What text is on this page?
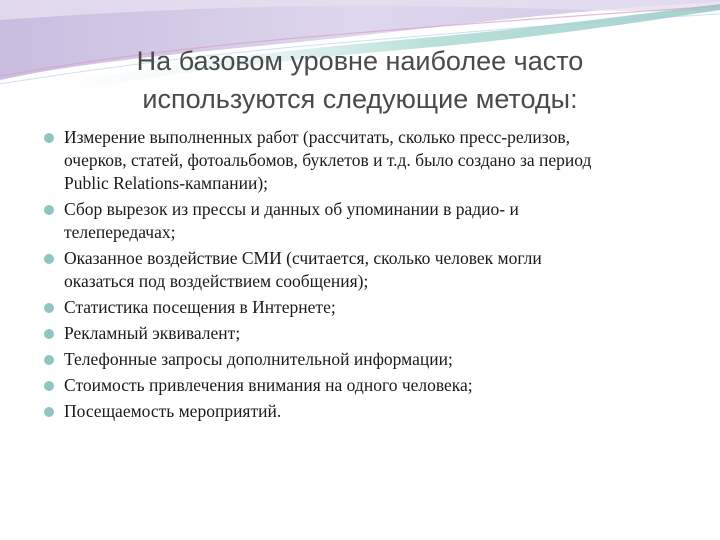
На базовом уровне наиболее часто
используются следующие методы:
Измерение выполненных работ (рассчитать, сколько пресс-релизов,
очерков, статей, фотоальбомов, буклетов и т.д. было создано за период
Public Relations-кампании);
Сбор вырезок из прессы и данных об упоминании в радио- и
телепередачах;
Оказанное воздействие СМИ (считается, сколько человек могли
оказаться под воздействием сообщения);
Статистика посещения в Интернете;
Рекламный эквивалент;
Телефонные запросы дополнительной информации;
Стоимость привлечения внимания на одного человека;
Посещаемость мероприятий.
